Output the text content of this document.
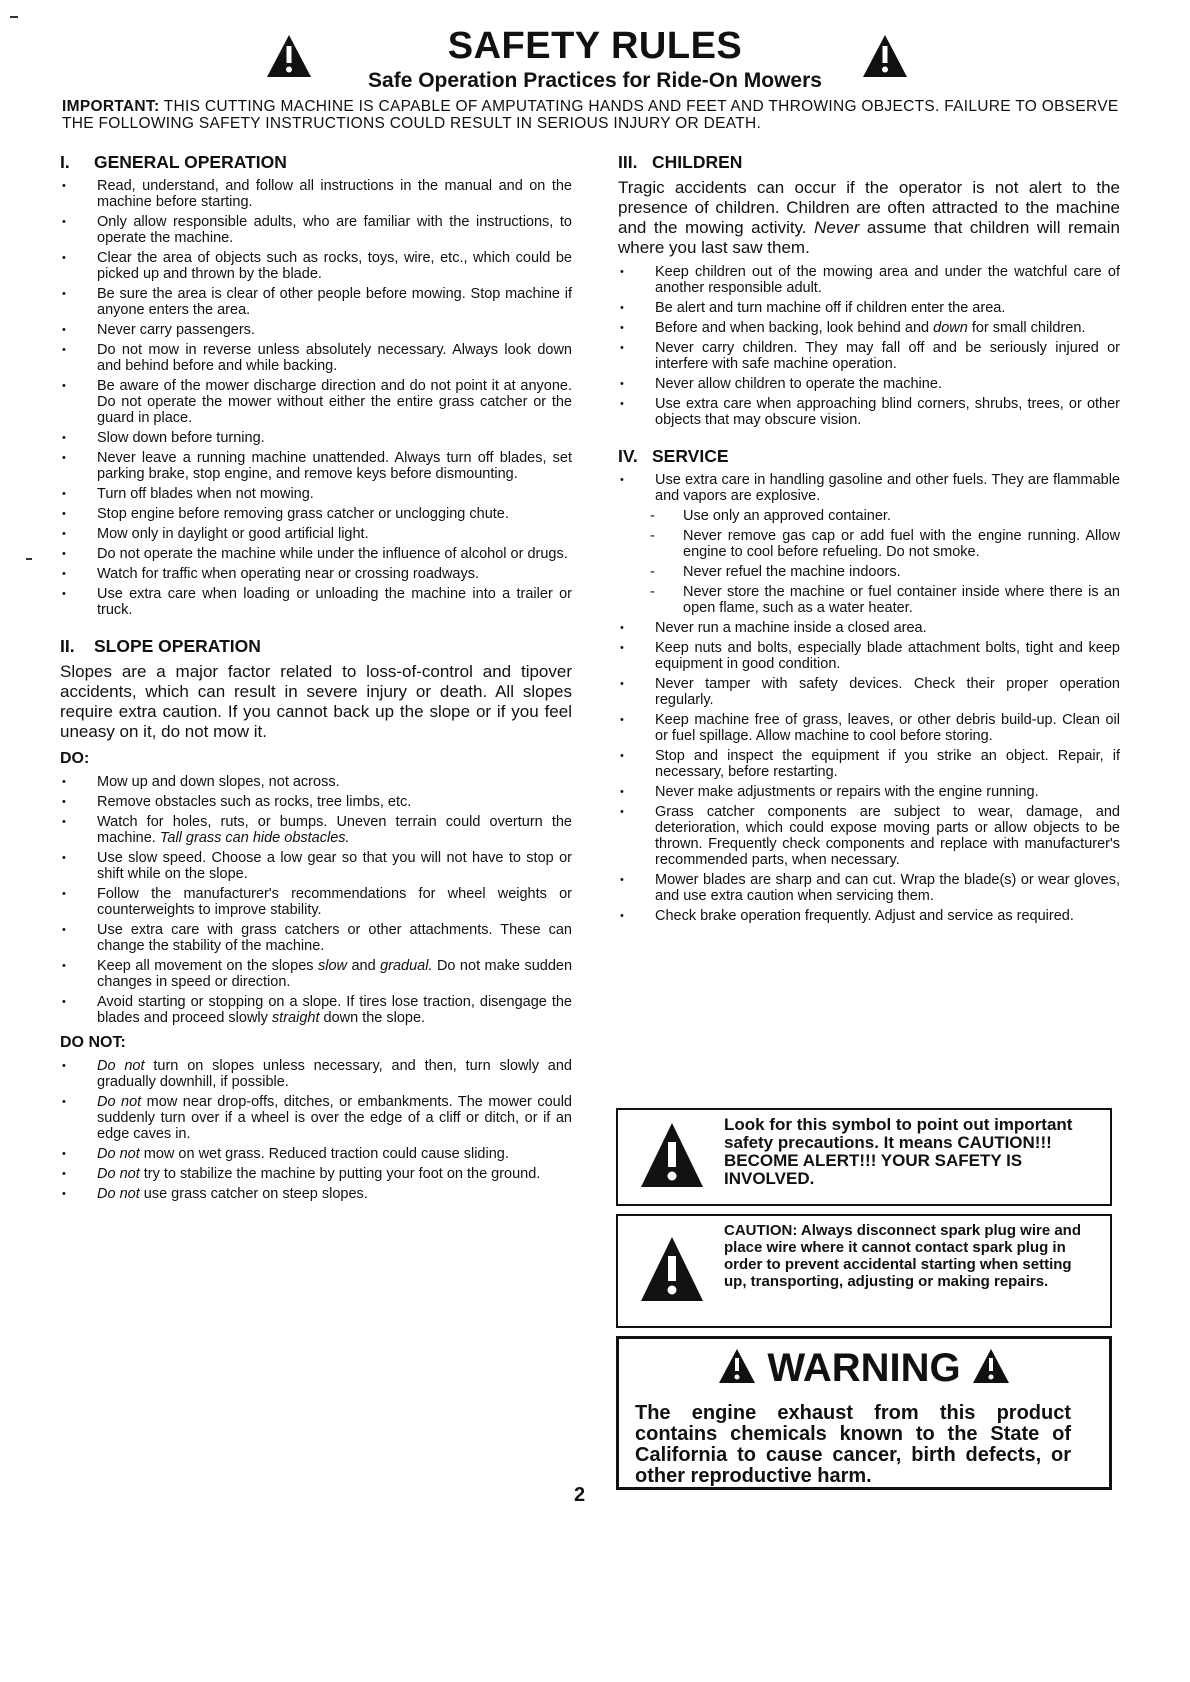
SAFETY RULES
Safe Operation Practices for Ride-On Mowers
IMPORTANT: THIS CUTTING MACHINE IS CAPABLE OF AMPUTATING HANDS AND FEET AND THROWING OBJECTS. FAILURE TO OBSERVE THE FOLLOWING SAFETY INSTRUCTIONS COULD RESULT IN SERIOUS INJURY OR DEATH.
I.	GENERAL OPERATION
• Read, understand, and follow all instructions in the manual and on the machine before starting.
• Only allow responsible adults, who are familiar with the instructions, to operate the machine.
• Clear the area of objects such as rocks, toys, wire, etc., which could be picked up and thrown by the blade.
• Be sure the area is clear of other people before mowing. Stop machine if anyone enters the area.
• Never carry passengers.
• Do not mow in reverse unless absolutely necessary. Always look down and behind before and while backing.
• Be aware of the mower discharge direction and do not point it at anyone. Do not operate the mower without either the entire grass catcher or the guard in place.
• Slow down before turning.
• Never leave a running machine unattended. Always turn off blades, set parking brake, stop engine, and remove keys before dismounting.
• Turn off blades when not mowing.
• Stop engine before removing grass catcher or unclogging chute.
• Mow only in daylight or good artificial light.
• Do not operate the machine while under the influence of alcohol or drugs.
• Watch for traffic when operating near or crossing roadways.
• Use extra care when loading or unloading the machine into a trailer or truck.
II.	SLOPE OPERATION
Slopes are a major factor related to loss-of-control and tipover accidents, which can result in severe injury or death. All slopes require extra caution. If you cannot back up the slope or if you feel uneasy on it, do not mow it.
DO:
• Mow up and down slopes, not across.
• Remove obstacles such as rocks, tree limbs, etc.
• Watch for holes, ruts, or bumps. Uneven terrain could overturn the machine. Tall grass can hide obstacles.
• Use slow speed. Choose a low gear so that you will not have to stop or shift while on the slope.
• Follow the manufacturer's recommendations for wheel weights or counterweights to improve stability.
• Use extra care with grass catchers or other attachments. These can change the stability of the machine.
• Keep all movement on the slopes slow and gradual. Do not make sudden changes in speed or direction.
• Avoid starting or stopping on a slope. If tires lose traction, disengage the blades and proceed slowly straight down the slope.
DO NOT:
• Do not turn on slopes unless necessary, and then, turn slowly and gradually downhill, if possible.
• Do not mow near drop-offs, ditches, or embankments. The mower could suddenly turn over if a wheel is over the edge of a cliff or ditch, or if an edge caves in.
• Do not mow on wet grass. Reduced traction could cause sliding.
• Do not try to stabilize the machine by putting your foot on the ground.
• Do not use grass catcher on steep slopes.
III. CHILDREN
Tragic accidents can occur if the operator is not alert to the presence of children. Children are often attracted to the machine and the mowing activity. Never assume that children will remain where you last saw them.
• Keep children out of the mowing area and under the watchful care of another responsible adult.
• Be alert and turn machine off if children enter the area.
• Before and when backing, look behind and down for small children.
• Never carry children. They may fall off and be seriously injured or interfere with safe machine operation.
• Never allow children to operate the machine.
• Use extra care when approaching blind corners, shrubs, trees, or other objects that may obscure vision.
IV. SERVICE
• Use extra care in handling gasoline and other fuels. They are flammable and vapors are explosive.
- Use only an approved container.
- Never remove gas cap or add fuel with the engine running. Allow engine to cool before refueling. Do not smoke.
- Never refuel the machine indoors.
- Never store the machine or fuel container inside where there is an open flame, such as a water heater.
• Never run a machine inside a closed area.
• Keep nuts and bolts, especially blade attachment bolts, tight and keep equipment in good condition.
• Never tamper with safety devices. Check their proper operation regularly.
• Keep machine free of grass, leaves, or other debris build-up. Clean oil or fuel spillage. Allow machine to cool before storing.
• Stop and inspect the equipment if you strike an object. Repair, if necessary, before restarting.
• Never make adjustments or repairs with the engine running.
• Grass catcher components are subject to wear, damage, and deterioration, which could expose moving parts or allow objects to be thrown. Frequently check components and replace with manufacturer's recommended parts, when necessary.
• Mower blades are sharp and can cut. Wrap the blade(s) or wear gloves, and use extra caution when servicing them.
• Check brake operation frequently. Adjust and service as required.
Look for this symbol to point out important safety precautions. It means CAUTION!!! BECOME ALERT!!! YOUR SAFETY IS INVOLVED.
CAUTION: Always disconnect spark plug wire and place wire where it cannot contact spark plug in order to prevent accidental starting when setting up, transporting, adjusting or making repairs.
WARNING
The engine exhaust from this product contains chemicals known to the State of California to cause cancer, birth defects, or other reproductive harm.
2
